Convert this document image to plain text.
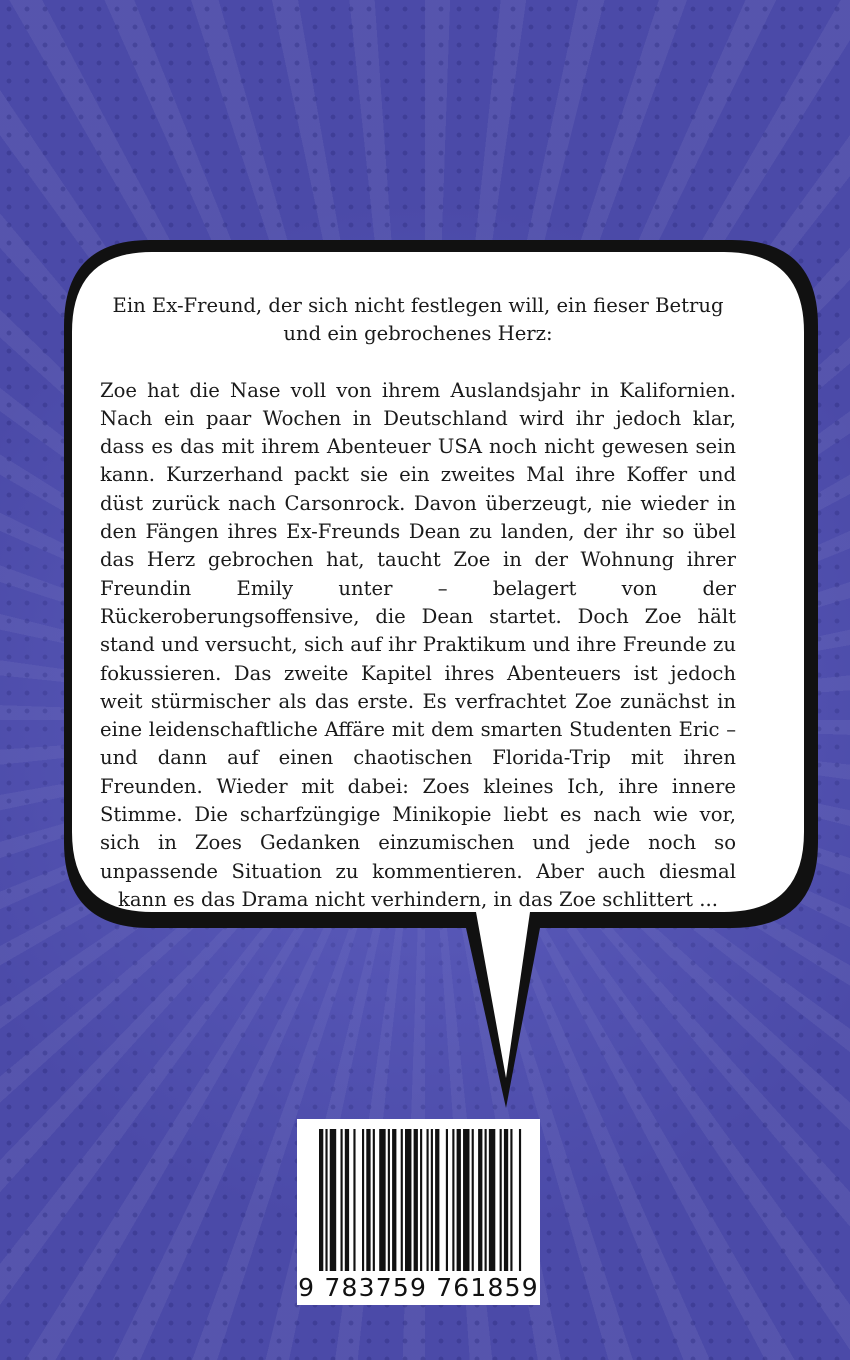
Ein Ex-Freund, der sich nicht festlegen will, ein fieser Betrug und ein gebrochenes Herz:

Zoe hat die Nase voll von ihrem Auslandsjahr in Kalifornien. Nach ein paar Wochen in Deutschland wird ihr jedoch klar, dass es das mit ihrem Abenteuer USA noch nicht gewesen sein kann. Kurzerhand packt sie ein zweites Mal ihre Koffer und düst zurück nach Carsonrock. Davon überzeugt, nie wieder in den Fängen ihres Ex-Freunds Dean zu landen, der ihr so übel das Herz gebrochen hat, taucht Zoe in der Wohnung ihrer Freundin Emily unter – belagert von der Rückeroberungsoffensive, die Dean startet. Doch Zoe hält stand und versucht, sich auf ihr Praktikum und ihre Freunde zu fokussieren. Das zweite Kapitel ihres Abenteuers ist jedoch weit stürmischer als das erste. Es verfrachtet Zoe zunächst in eine leidenschaftliche Affäre mit dem smarten Studenten Eric – und dann auf einen chaotischen Florida-Trip mit ihren Freunden. Wieder mit dabei: Zoes kleines Ich, ihre innere Stimme. Die scharfzüngige Minikopie liebt es nach wie vor, sich in Zoes Gedanken einzumischen und jede noch so unpassende Situation zu kommentieren. Aber auch diesmal kann es das Drama nicht verhindern, in das Zoe schlittert ...

9 783759 761859
